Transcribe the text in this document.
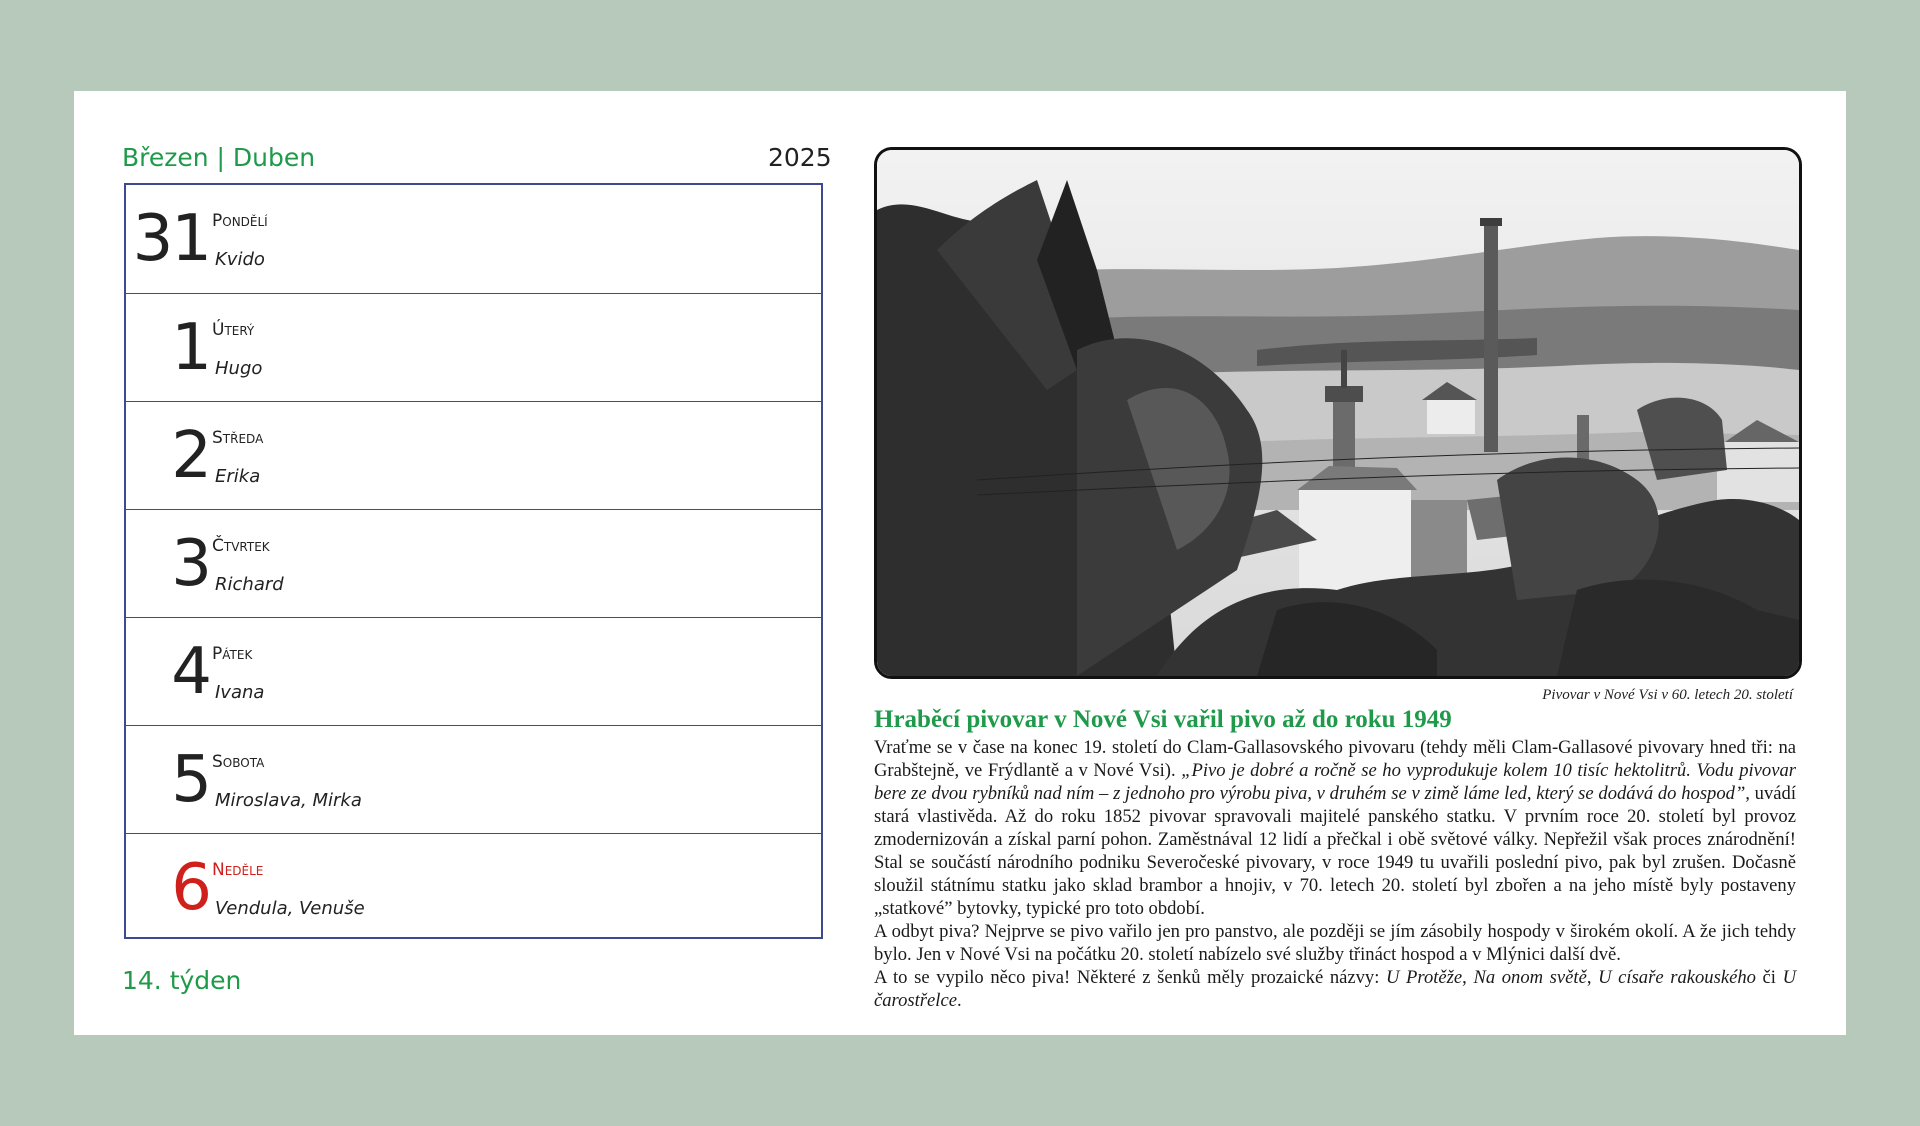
Březen | Duben	2025
31 Pondělí
Kvido
1 Úterý
Hugo
2 Středa
Erika
3 Čtvrtek
Richard
4 Pátek
Ivana
5 Sobota
Miroslava, Mirka
6 Neděle
Vendula, Venuše
14. týden
Pivovar v Nové Vsi v 60. letech 20. století
Hraběcí pivovar v Nové Vsi vařil pivo až do roku 1949

Vraťme se v čase na konec 19. století do Clam-Gallasovského pivovaru (tehdy měli Clam-Gallasové pivovary hned tři: na Grabštejně, ve Frýdlantě a v Nové Vsi). „Pivo je dobré a ročně se ho vyprodukuje kolem 10 tisíc hektolitrů. Vodu pivovar bere ze dvou rybníků nad ním – z jednoho pro výrobu piva, v druhém se v zimě láme led, který se dodává do hospod”, uvádí stará vlastivěda. Až do roku 1852 pivovar spravovali majitelé panského statku. V prvním roce 20. století byl provoz zmodernizován a získal parní pohon. Zaměstnával 12 lidí a přečkal i obě světové války. Nepřežil však proces znárodnění! Stal se součástí národního podniku Severočeské pivovary, v roce 1949 tu uvařili poslední pivo, pak byl zrušen. Dočasně sloužil státnímu statku jako sklad brambor a hnojiv, v 70. letech 20. století byl zbořen a na jeho místě byly postaveny „statkové” bytovky, typické pro toto období.

A odbyt piva? Nejprve se pivo vařilo jen pro panstvo, ale později se jím zásobily hospody v širokém okolí. A že jich tehdy bylo. Jen v Nové Vsi na počátku 20. století nabízelo své služby třináct hospod a v Mlýnici další dvě.

A to se vypilo něco piva! Některé z šenků měly prozaické názvy: U Protěže, Na onom světě, U císaře rakouského či U čarostřelce.
